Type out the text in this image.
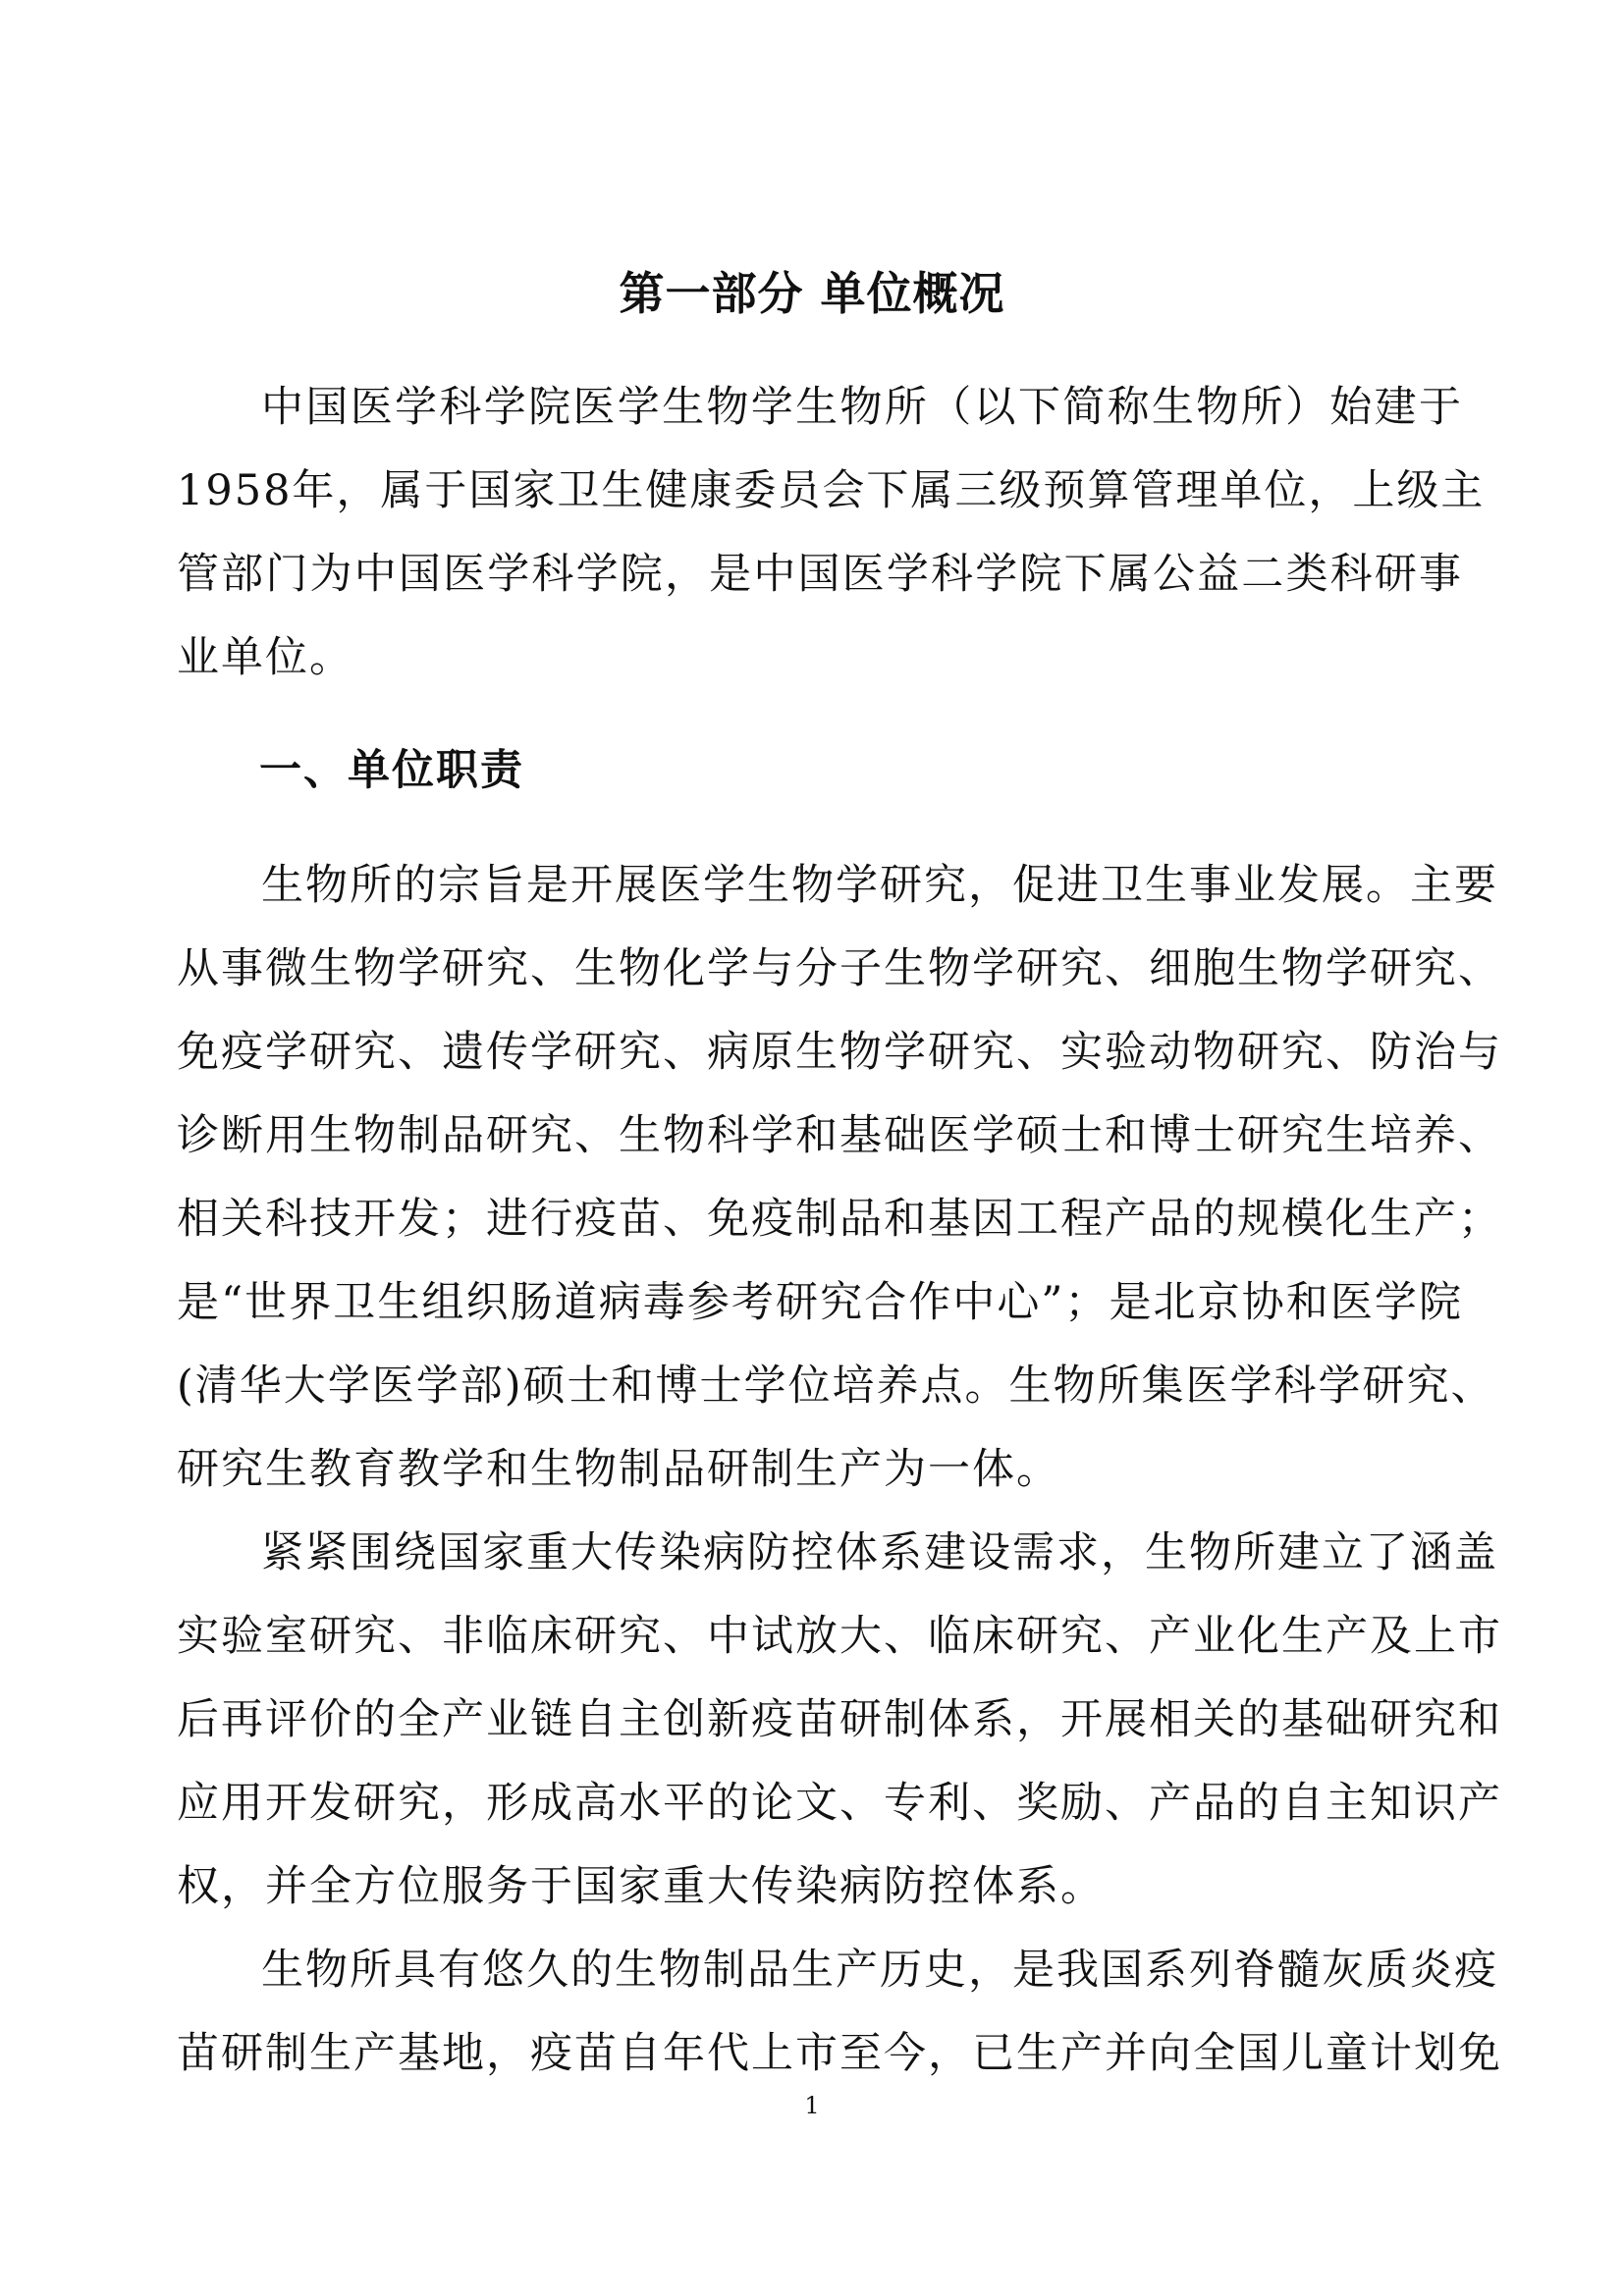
第一部分 单位概况
中国医学科学院医学生物学生物所（以下简称生物所）始建于
1958年，属于国家卫生健康委员会下属三级预算管理单位，上级主
管部门为中国医学科学院，是中国医学科学院下属公益二类科研事
业单位。
一、单位职责
生物所的宗旨是开展医学生物学研究，促进卫生事业发展。主要
从事微生物学研究、生物化学与分子生物学研究、细胞生物学研究、
免疫学研究、遗传学研究、病原生物学研究、实验动物研究、防治与
诊断用生物制品研究、生物科学和基础医学硕士和博士研究生培养、
相关科技开发；进行疫苗、免疫制品和基因工程产品的规模化生产；
是“世界卫生组织肠道病毒参考研究合作中心”；是北京协和医学院
(清华大学医学部)硕士和博士学位培养点。生物所集医学科学研究、
研究生教育教学和生物制品研制生产为一体。
紧紧围绕国家重大传染病防控体系建设需求，生物所建立了涵盖
实验室研究、非临床研究、中试放大、临床研究、产业化生产及上市
后再评价的全产业链自主创新疫苗研制体系，开展相关的基础研究和
应用开发研究，形成高水平的论文、专利、奖励、产品的自主知识产
权，并全方位服务于国家重大传染病防控体系。
生物所具有悠久的生物制品生产历史，是我国系列脊髓灰质炎疫
苗研制生产基地，疫苗自年代上市至今，已生产并向全国儿童计划免
1
